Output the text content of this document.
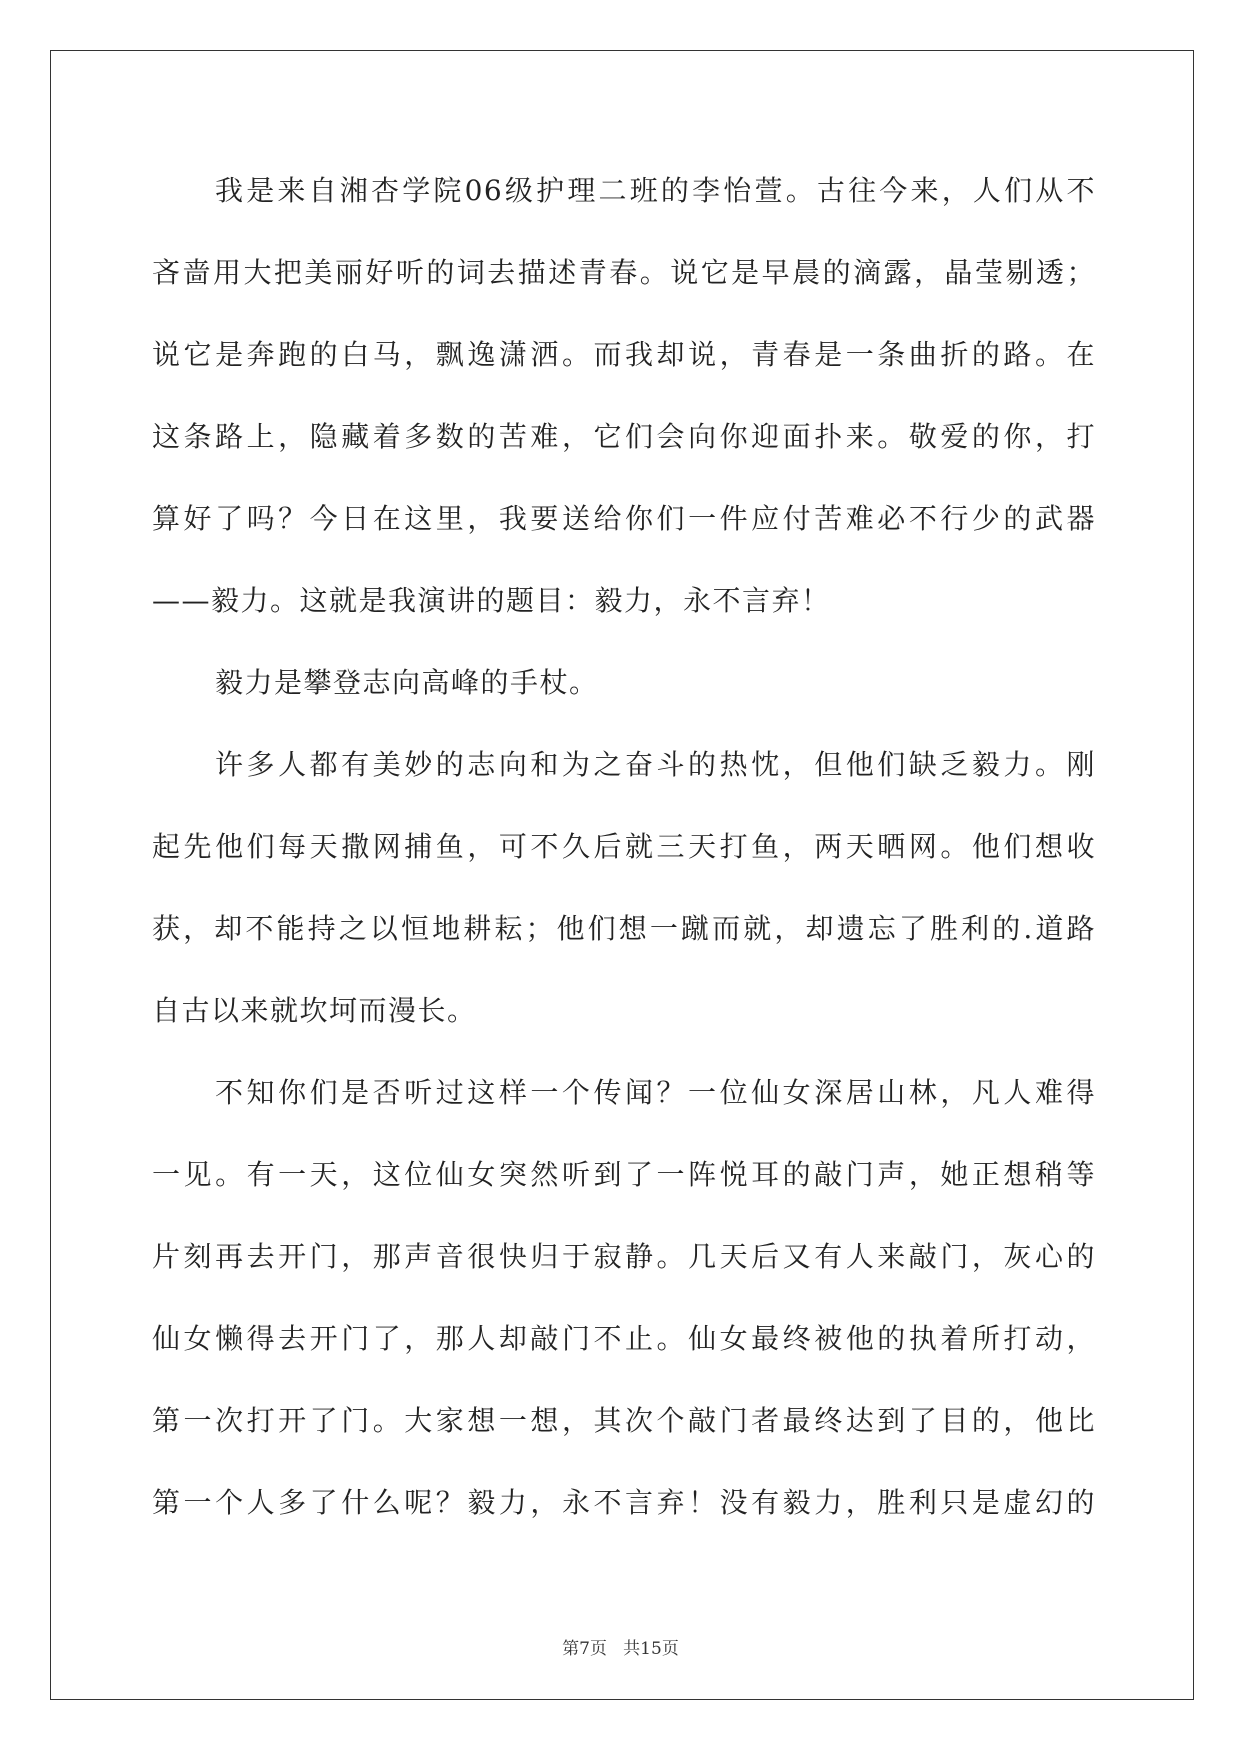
我是来自湘杏学院06级护理二班的李怡萱。古往今来，人们从不
吝啬用大把美丽好听的词去描述青春。说它是早晨的滴露，晶莹剔透；
说它是奔跑的白马，飘逸潇洒。而我却说，青春是一条曲折的路。在
这条路上，隐藏着多数的苦难，它们会向你迎面扑来。敬爱的你，打
算好了吗？今日在这里，我要送给你们一件应付苦难必不行少的武器
——毅力。这就是我演讲的题目：毅力，永不言弃！
毅力是攀登志向高峰的手杖。
许多人都有美妙的志向和为之奋斗的热忱，但他们缺乏毅力。刚
起先他们每天撒网捕鱼，可不久后就三天打鱼，两天晒网。他们想收
获，却不能持之以恒地耕耘；他们想一蹴而就，却遗忘了胜利的.道路
自古以来就坎坷而漫长。
不知你们是否听过这样一个传闻？一位仙女深居山林，凡人难得
一见。有一天，这位仙女突然听到了一阵悦耳的敲门声，她正想稍等
片刻再去开门，那声音很快归于寂静。几天后又有人来敲门，灰心的
仙女懒得去开门了，那人却敲门不止。仙女最终被他的执着所打动，
第一次打开了门。大家想一想，其次个敲门者最终达到了目的，他比
第一个人多了什么呢？毅力，永不言弃！没有毅力，胜利只是虚幻的
第7页   共15页
